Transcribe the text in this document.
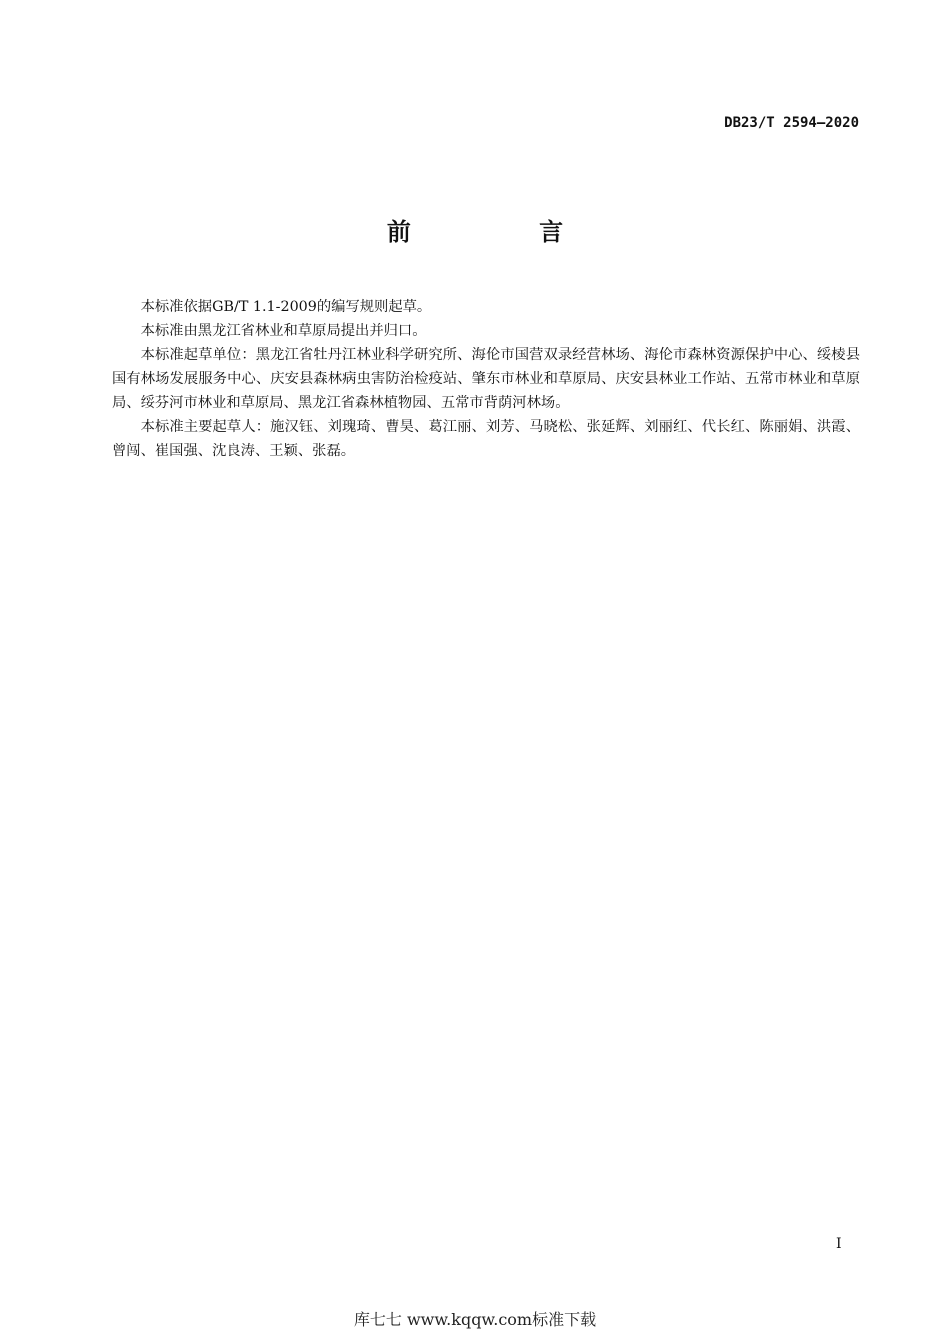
DB23/T 2594—2020
前 言

本标准依据GB/T 1.1-2009的编写规则起草。

本标准由黑龙江省林业和草原局提出并归口。

本标准起草单位：黑龙江省牡丹江林业科学研究所、海伦市国营双录经营林场、海伦市森林资源保护中心、绥棱县国有林场发展服务中心、庆安县森林病虫害防治检疫站、肇东市林业和草原局、庆安县林业工作站、五常市林业和草原局、绥芬河市林业和草原局、黑龙江省森林植物园、五常市背荫河林场。

本标准主要起草人：施汉钰、刘瑰琦、曹昊、葛江丽、刘芳、马晓松、张延辉、刘丽红、代长红、陈丽娟、洪霞、曾闯、崔国强、沈良涛、王颖、张磊。

I
库七七 www.kqqw.com标准下载
